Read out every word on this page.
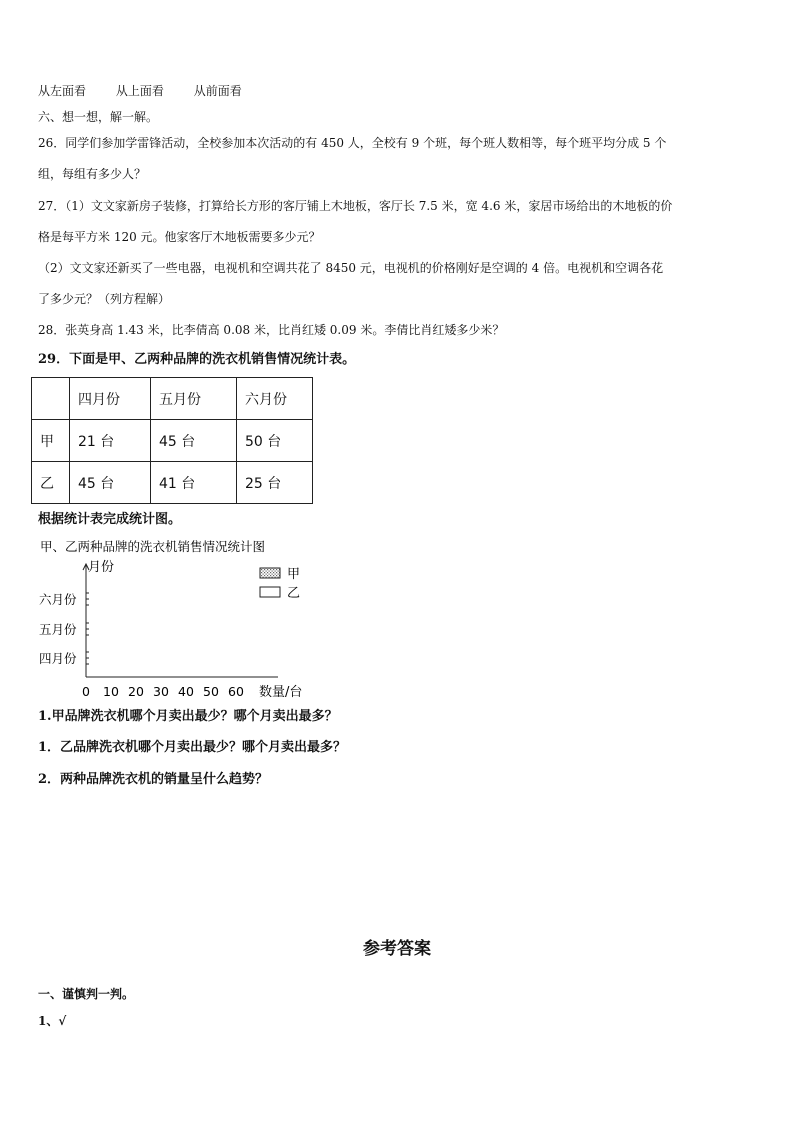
从左面看 从上面看 从前面看
六、想一想，解一解。
26．同学们参加学雷锋活动，全校参加本次活动的有 450 人，全校有 9 个班，每个班人数相等，每个班平均分成 5 个
组，每组有多少人？
27．（1）文文家新房子装修，打算给长方形的客厅铺上木地板，客厅长 7.5 米，宽 4.6 米，家居市场给出的木地板的价
格是每平方米 120 元。他家客厅木地板需要多少元？
（2）文文家还新买了一些电器，电视机和空调共花了 8450 元，电视机的价格刚好是空调的 4 倍。电视机和空调各花
了多少元？（列方程解）
28．张英身高 1.43 米，比李倩高 0.08 米，比肖红矮 0.09 米。李倩比肖红矮多少米？
29．下面是甲、乙两种品牌的洗衣机销售情况统计表。
	四月份	五月份	六月份
甲	21 台	45 台	50 台
乙	45 台	41 台	25 台
根据统计表完成统计图。
甲、乙两种品牌的洗衣机销售情况统计图
月份
六月份
五月份
四月份
0 10 20 30 40 50 60 数量/台
甲
乙
1.甲品牌洗衣机哪个月卖出最少？哪个月卖出最多？
1．乙品牌洗衣机哪个月卖出最少？哪个月卖出最多？
2．两种品牌洗衣机的销量呈什么趋势？
参考答案
一、谨慎判一判。
1、√
